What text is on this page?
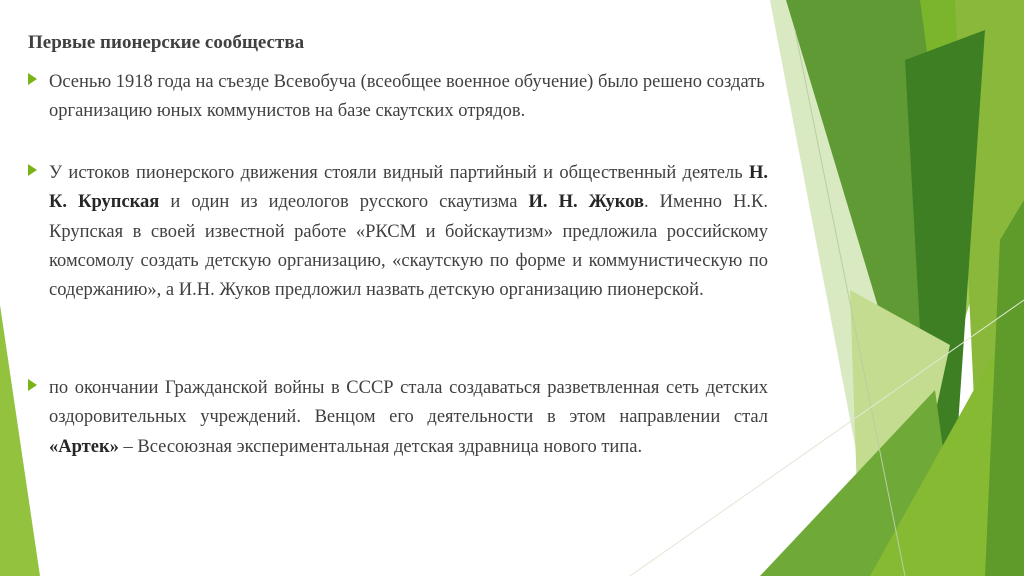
Первые пионерские сообщества
Осенью 1918 года на съезде Всевобуча (всеобщее военное обучение) было решено создать организацию юных коммунистов на базе скаутских отрядов.
У истоков пионерского движения стояли видный партийный и общественный деятель Н. К. Крупская и один из идеологов русского скаутизма И. Н. Жуков. Именно Н.К. Крупская в своей известной работе «РКСМ и бойскаутизм» предложила российскому комсомолу создать детскую организацию, «скаутскую по форме и коммунистическую по содержанию», а И.Н. Жуков предложил назвать детскую организацию пионерской.
по окончании Гражданской войны в СССР стала создаваться разветвленная сеть детских оздоровительных учреждений. Венцом его деятельности в этом направлении стал «Артек» – Всесоюзная экспериментальная детская здравница нового типа.
